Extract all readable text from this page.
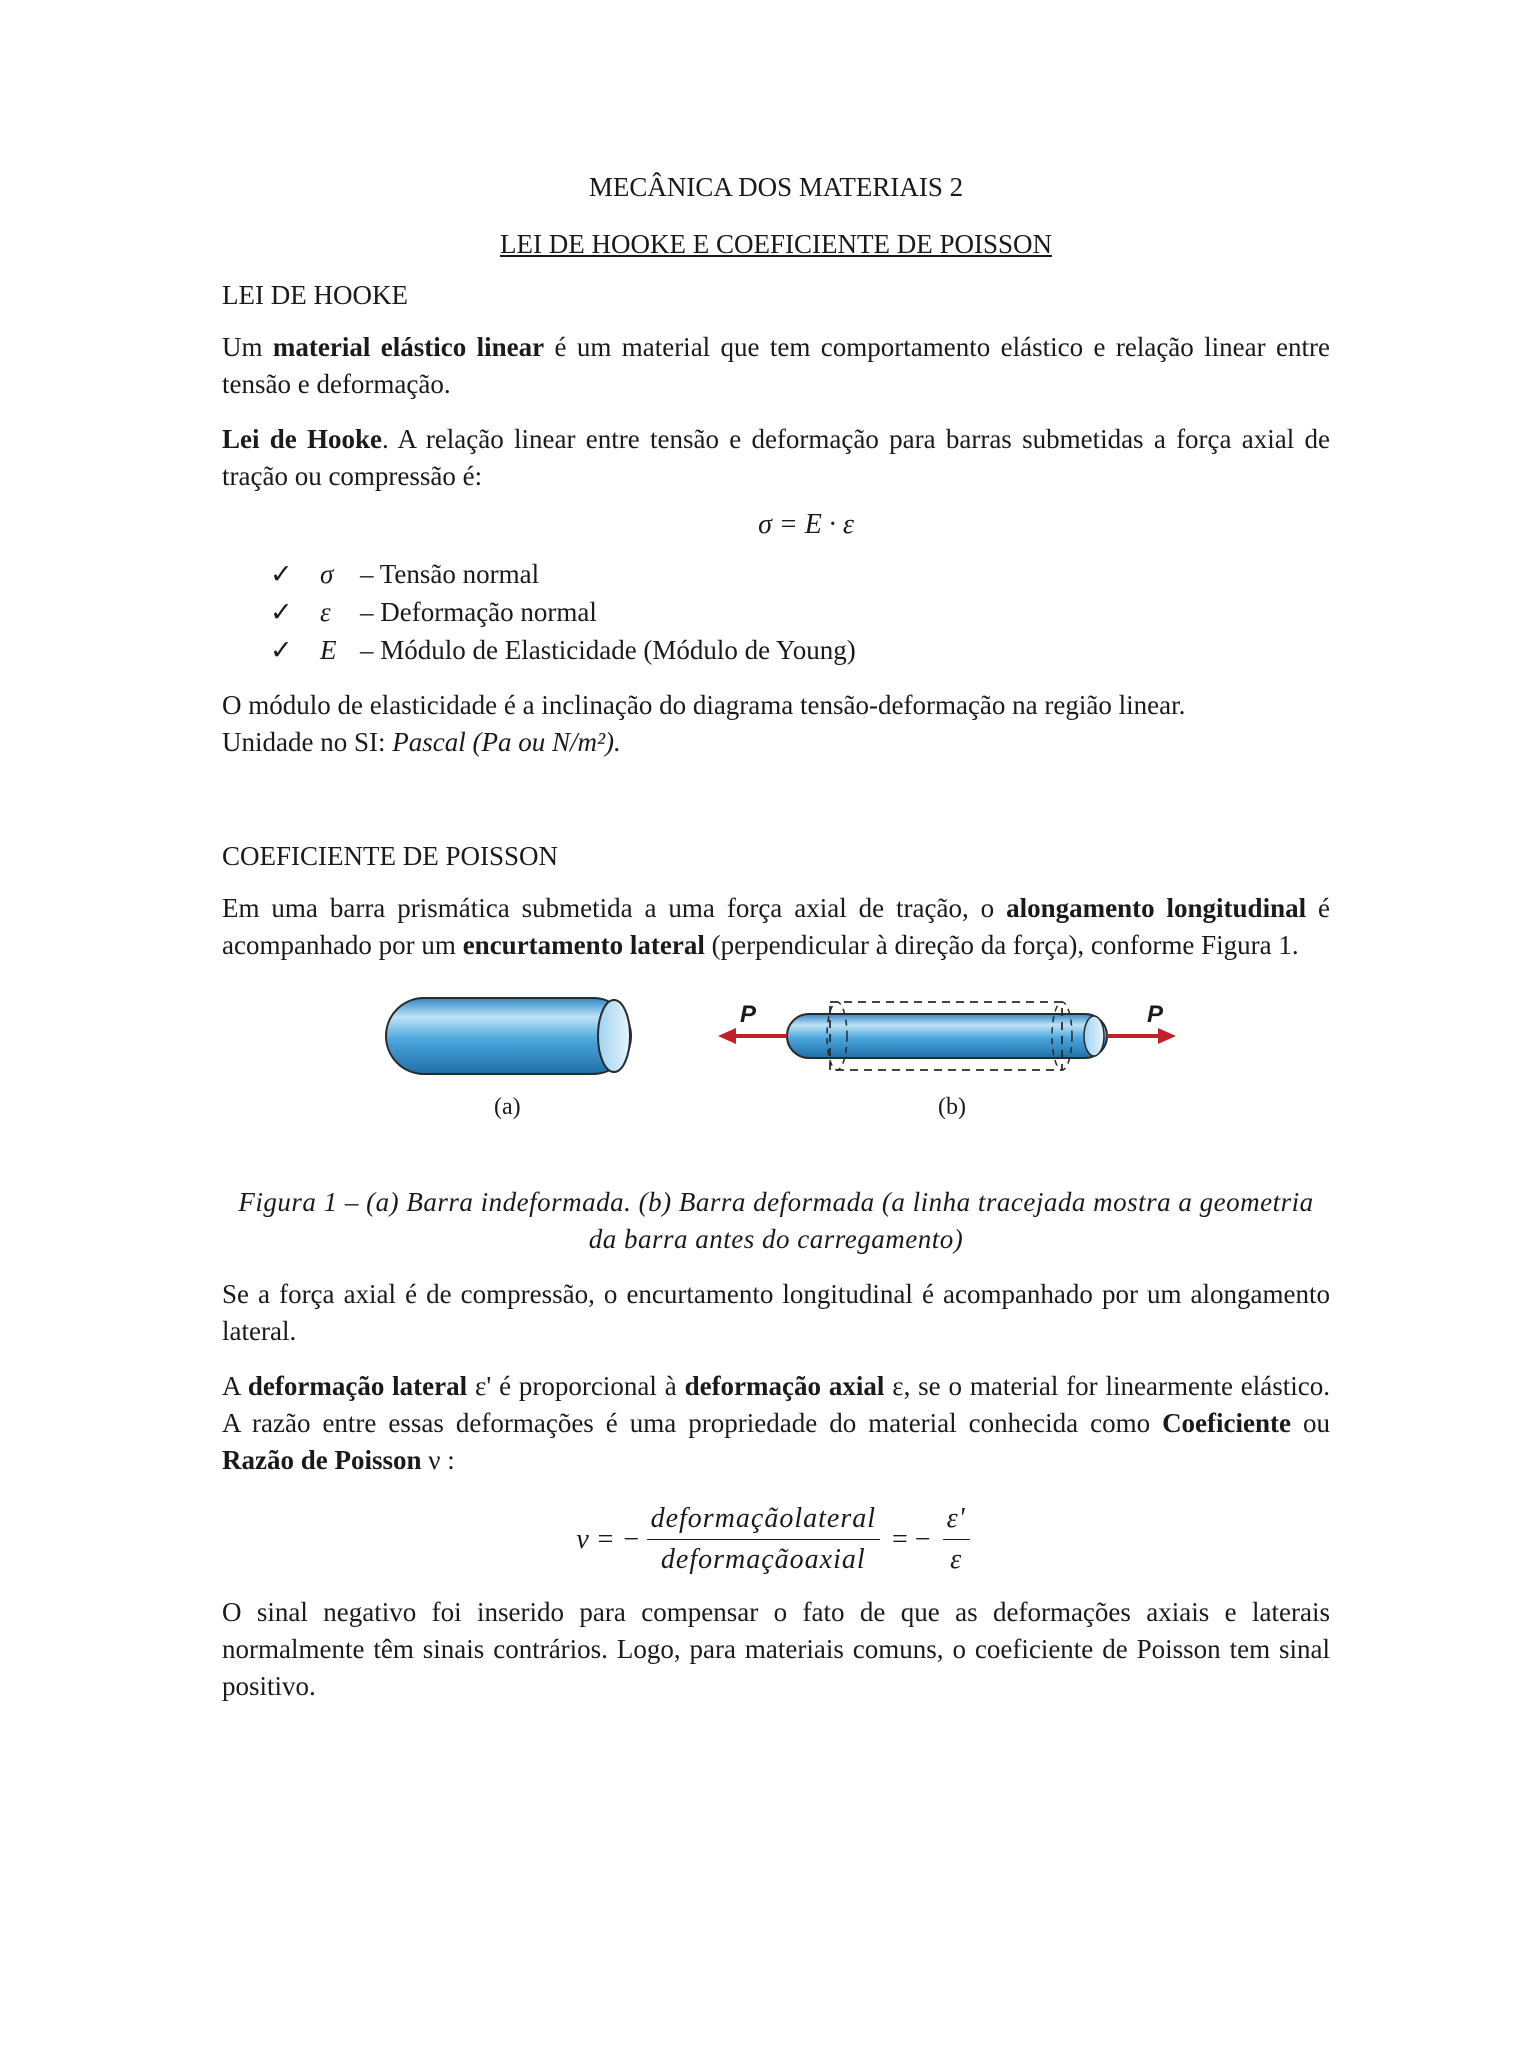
MECÂNICA DOS MATERIAIS 2
LEI DE HOOKE E COEFICIENTE DE POISSON
LEI DE HOOKE

Um material elástico linear é um material que tem comportamento elástico e relação linear entre tensão e deformação.

Lei de Hooke. A relação linear entre tensão e deformação para barras submetidas a força axial de tração ou compressão é:

σ = E · ε
✓	σ – Tensão normal
✓	ε	– Deformação normal
✓	E – Módulo de Elasticidade (Módulo de Young)

O módulo de elasticidade é a inclinação do diagrama tensão-deformação na região linear.
Unidade no SI: Pascal (Pa ou N/m²).

COEFICIENTE DE POISSON

Em uma barra prismática submetida a uma força axial de tração, o alongamento longitudinal é acompanhado por um encurtamento lateral (perpendicular à direção da força), conforme Figura 1.

P	P
(a)	(b)

Figura 1 – (a) Barra indeformada. (b) Barra deformada (a linha tracejada mostra a geometria da barra antes do carregamento)

Se a força axial é de compressão, o encurtamento longitudinal é acompanhado por um alongamento lateral.

A deformação lateral ε' é proporcional à deformação axial ε, se o material for linearmente elástico. A razão entre essas deformações é uma propriedade do material conhecida como Coeficiente ou Razão de Poisson ν :

ν = − $\frac{\text{deformaçãolateral}}{\text{deformaçãoaxial}}$ = − $\frac{\varepsilon'}{\varepsilon}$

O sinal negativo foi inserido para compensar o fato de que as deformações axiais e laterais normalmente têm sinais contrários. Logo, para materiais comuns, o coeficiente de Poisson tem sinal positivo.
